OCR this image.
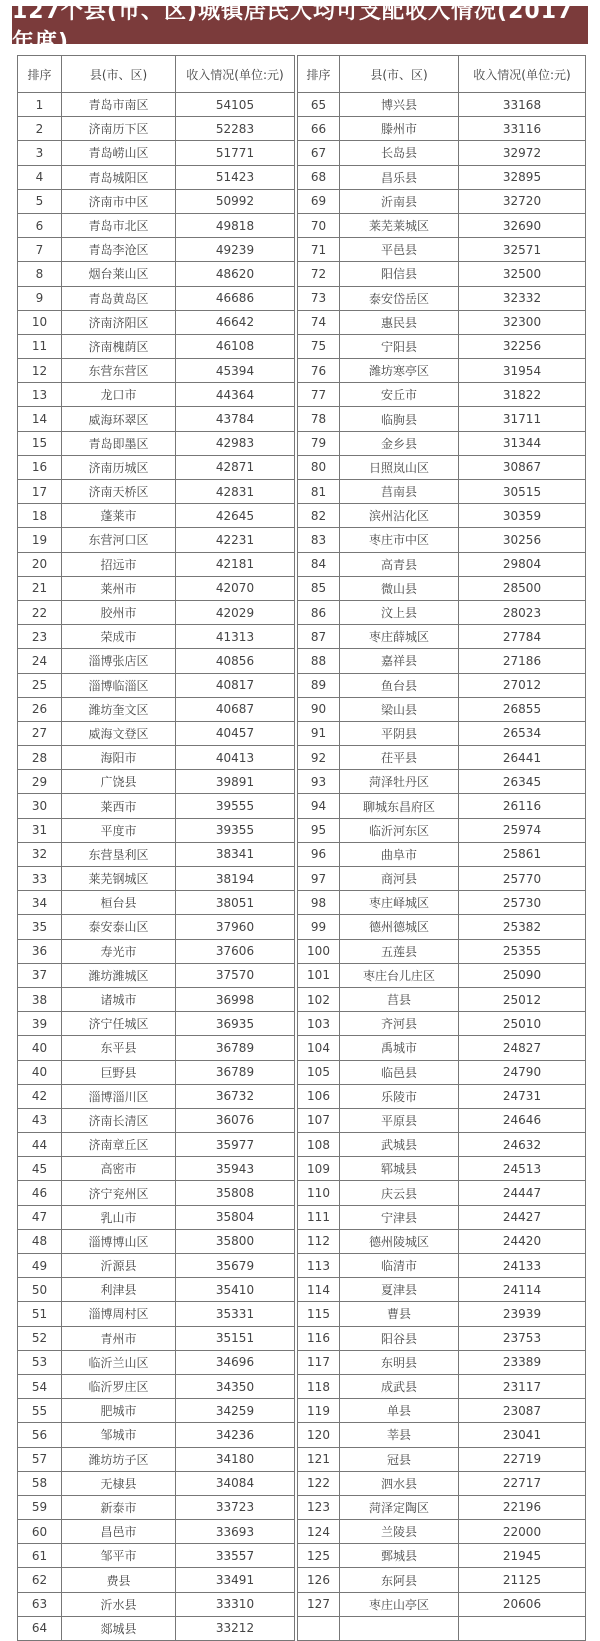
127个县(市、区)城镇居民人均可支配收入情况(2017年度)
排序	县(市、区)	收入情况(单位:元)
1	青岛市南区	54105
2	济南历下区	52283
3	青岛崂山区	51771
4	青岛城阳区	51423
5	济南市中区	50992
6	青岛市北区	49818
7	青岛李沧区	49239
8	烟台莱山区	48620
9	青岛黄岛区	46686
10	济南济阳区	46642
11	济南槐荫区	46108
12	东营东营区	45394
13	龙口市	44364
14	威海环翠区	43784
15	青岛即墨区	42983
16	济南历城区	42871
17	济南天桥区	42831
18	蓬莱市	42645
19	东营河口区	42231
20	招远市	42181
21	莱州市	42070
22	胶州市	42029
23	荣成市	41313
24	淄博张店区	40856
25	淄博临淄区	40817
26	潍坊奎文区	40687
27	威海文登区	40457
28	海阳市	40413
29	广饶县	39891
30	莱西市	39555
31	平度市	39355
32	东营垦利区	38341
33	莱芜钢城区	38194
34	桓台县	38051
35	泰安泰山区	37960
36	寿光市	37606
37	潍坊潍城区	37570
38	诸城市	36998
39	济宁任城区	36935
40	东平县	36789
40	巨野县	36789
42	淄博淄川区	36732
43	济南长清区	36076
44	济南章丘区	35977
45	高密市	35943
46	济宁兖州区	35808
47	乳山市	35804
48	淄博博山区	35800
49	沂源县	35679
50	利津县	35410
51	淄博周村区	35331
52	青州市	35151
53	临沂兰山区	34696
54	临沂罗庄区	34350
55	肥城市	34259
56	邹城市	34236
57	潍坊坊子区	34180
58	无棣县	34084
59	新泰市	33723
60	昌邑市	33693
61	邹平市	33557
62	费县	33491
63	沂水县	33310
64	郯城县	33212
排序	县(市、区)	收入情况(单位:元)
65	博兴县	33168
66	滕州市	33116
67	长岛县	32972
68	昌乐县	32895
69	沂南县	32720
70	莱芜莱城区	32690
71	平邑县	32571
72	阳信县	32500
73	泰安岱岳区	32332
74	惠民县	32300
75	宁阳县	32256
76	潍坊寒亭区	31954
77	安丘市	31822
78	临朐县	31711
79	金乡县	31344
80	日照岚山区	30867
81	莒南县	30515
82	滨州沾化区	30359
83	枣庄市中区	30256
84	高青县	29804
85	微山县	28500
86	汶上县	28023
87	枣庄薛城区	27784
88	嘉祥县	27186
89	鱼台县	27012
90	梁山县	26855
91	平阴县	26534
92	茌平县	26441
93	菏泽牡丹区	26345
94	聊城东昌府区	26116
95	临沂河东区	25974
96	曲阜市	25861
97	商河县	25770
98	枣庄峄城区	25730
99	德州德城区	25382
100	五莲县	25355
101	枣庄台儿庄区	25090
102	莒县	25012
103	齐河县	25010
104	禹城市	24827
105	临邑县	24790
106	乐陵市	24731
107	平原县	24646
108	武城县	24632
109	郓城县	24513
110	庆云县	24447
111	宁津县	24427
112	德州陵城区	24420
113	临清市	24133
114	夏津县	24114
115	曹县	23939
116	阳谷县	23753
117	东明县	23389
118	成武县	23117
119	单县	23087
120	莘县	23041
121	冠县	22719
122	泗水县	22717
123	菏泽定陶区	22196
124	兰陵县	22000
125	鄄城县	21945
126	东阿县	21125
127	枣庄山亭区	20606
